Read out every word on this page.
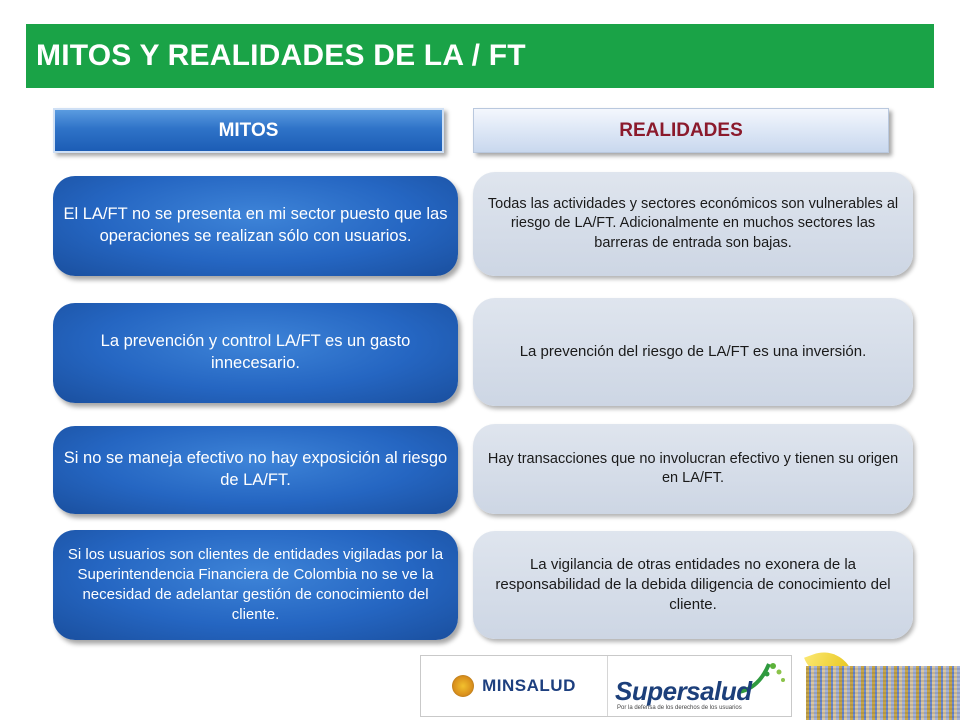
MITOS Y REALIDADES DE LA / FT
MITOS	REALIDADES
El LA/FT no se presenta en mi sector puesto que las operaciones se realizan sólo con usuarios.
La prevención y control LA/FT es un gasto innecesario.
Si no se maneja efectivo no hay exposición al riesgo de LA/FT.
Si los usuarios son clientes de entidades vigiladas por la Superintendencia Financiera de Colombia no se ve la necesidad de adelantar gestión de conocimiento del cliente.
Todas las actividades y sectores económicos son vulnerables al riesgo de LA/FT. Adicionalmente en muchos sectores las barreras de entrada son bajas.
La prevención del riesgo de LA/FT es una inversión.
Hay transacciones que no involucran efectivo y tienen su origen en LA/FT.
La vigilancia de otras entidades no exonera de la responsabilidad de la debida diligencia de conocimiento del cliente.
MINSALUD Supersalud
Por la defensa de los derechos de los usuarios
